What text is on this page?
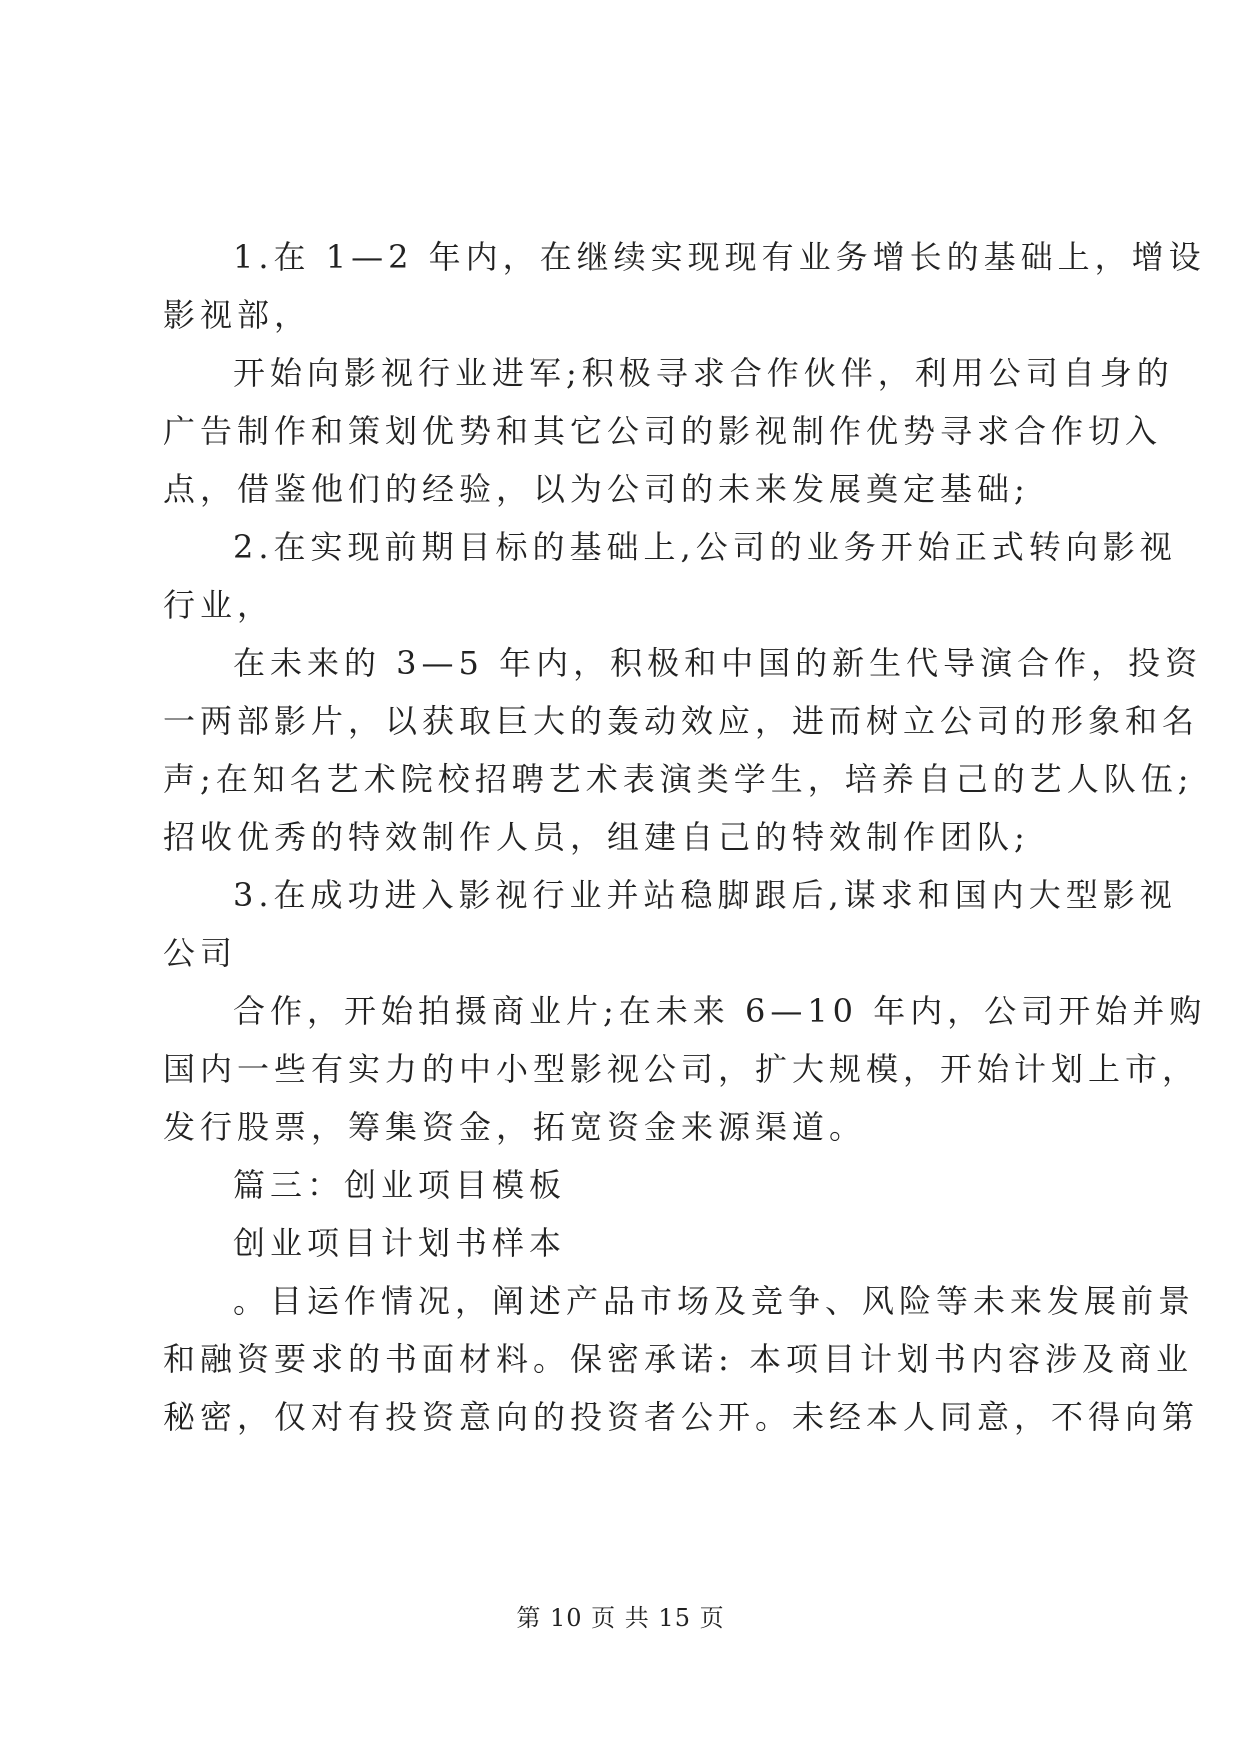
1.在 1—2 年内，在继续实现现有业务增长的基础上，增设
影视部，
开始向影视行业进军;积极寻求合作伙伴，利用公司自身的
广告制作和策划优势和其它公司的影视制作优势寻求合作切入
点，借鉴他们的经验，以为公司的未来发展奠定基础;
2.在实现前期目标的基础上,公司的业务开始正式转向影视
行业，
在未来的 3—5 年内，积极和中国的新生代导演合作，投资
一两部影片，以获取巨大的轰动效应，进而树立公司的形象和名
声;在知名艺术院校招聘艺术表演类学生，培养自己的艺人队伍;
招收优秀的特效制作人员，组建自己的特效制作团队;
3.在成功进入影视行业并站稳脚跟后,谋求和国内大型影视
公司
合作，开始拍摄商业片;在未来 6—10 年内，公司开始并购
国内一些有实力的中小型影视公司，扩大规模，开始计划上市，
发行股票，筹集资金，拓宽资金来源渠道。
篇三：创业项目模板
创业项目计划书样本
。目运作情况，阐述产品市场及竞争、风险等未来发展前景
和融资要求的书面材料。保密承诺: 本项目计划书内容涉及商业
秘密，仅对有投资意向的投资者公开。未经本人同意，不得向第
第 10 页 共 15 页
